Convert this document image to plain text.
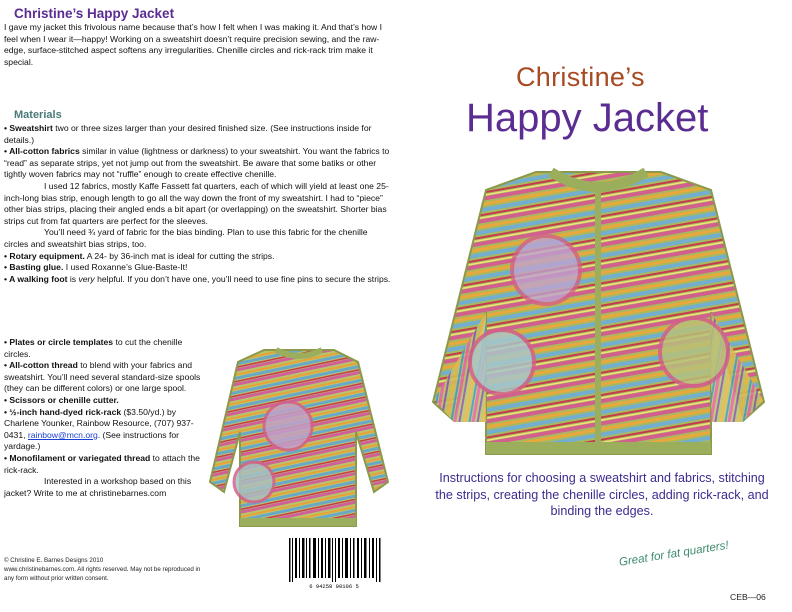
Christine’s Happy Jacket
I gave my jacket this frivolous name because that’s how I felt when I was making it. And that’s how I feel when I wear it—happy! Working on a sweatshirt doesn’t require precision sewing, and the raw-edge, surface-stitched aspect softens any irregularities. Chenille circles and rick-rack trim make it special.
Materials

• Sweatshirt two or three sizes larger than your desired finished size. (See instructions inside for details.)

• All-cotton fabrics similar in value (lightness or darkness) to your sweatshirt. You want the fabrics to “read” as separate strips, yet not jump out from the sweatshirt. Be aware that some batiks or other tightly woven fabrics may not “ruffle” enough to create effective chenille.

I used 12 fabrics, mostly Kaffe Fassett fat quarters, each of which will yield at least one 25-inch-long bias strip, enough length to go all the way down the front of my sweatshirt. I had to “piece” other bias strips, placing their angled ends a bit apart (or overlapping) on the sweatshirt. Shorter bias strips cut from fat quarters are perfect for the sleeves.

You’ll need ¾ yard of fabric for the bias binding. Plan to use this fabric for the chenille circles and sweatshirt bias strips, too.

• Rotary equipment. A 24- by 36-inch mat is ideal for cutting the strips.

• Basting glue. I used Roxanne’s Glue-Baste-It!

• A walking foot is very helpful. If you don’t have one, you’ll need to use fine pins to secure the strips.

• Plates or circle templates to cut the chenille circles.

• All-cotton thread to blend with your fabrics and sweatshirt. You’ll need several standard-size spools (they can be different colors) or one large spool.

• Scissors or chenille cutter.

• ½-inch hand-dyed rick-rack ($3.50/yd.) by Charlene Younker, Rainbow Resource, (707) 937-0431, rainbow@mcn.org. (See instructions for yardage.)

• Monofilament or variegated thread to attach the rick-rack.

Interested in a workshop based on this jacket? Write to me at christinebarnes.com

© Christine E. Barnes Designs 2010
www.christinebarnes.com. All rights reserved. May not be reproduced in any form without prior written consent.
6 94258 00106 5
Christine’s
Happy Jacket
Instructions for choosing a sweatshirt and fabrics, stitching the strips, creating the chenille circles, adding rick-rack, and binding the edges.
Great for fat quarters!
CEB—06
